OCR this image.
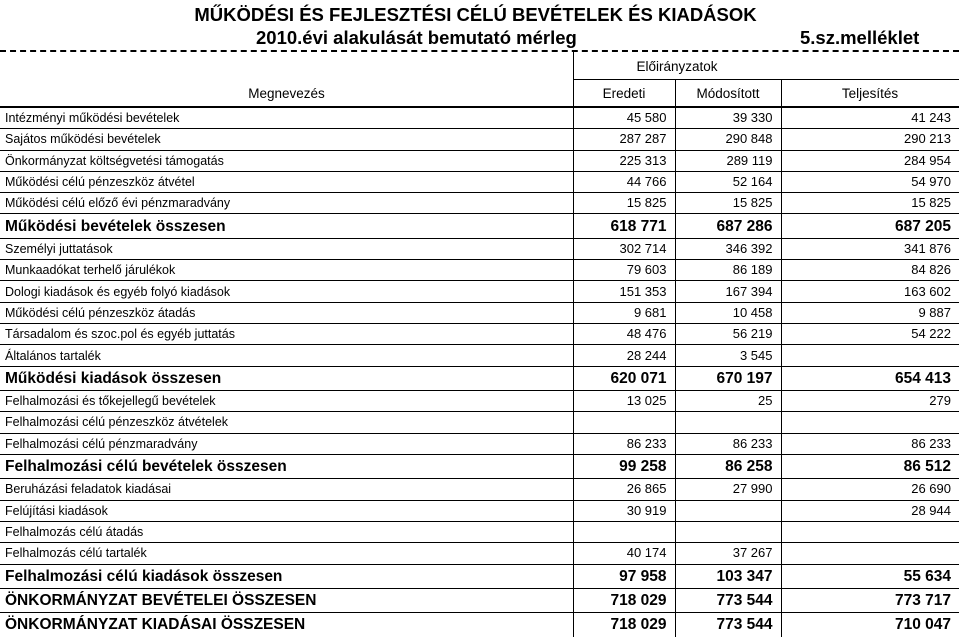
MŰKÖDÉSI ÉS FEJLESZTÉSI CÉLÚ BEVÉTELEK ÉS KIADÁSOK
2010.évi alakulását bemutató mérleg	5.sz.melléklet
Előirányzatok
Megnevezés	Eredeti	Módosított	Teljesítés
Intézményi működési bevételek	45 580	39 330	41 243
Sajátos működési bevételek	287 287	290 848	290 213
Önkormányzat költségvetési támogatás	225 313	289 119	284 954
Működési célú pénzeszköz átvétel	44 766	52 164	54 970
Működési célú előző évi pénzmaradvány	15 825	15 825	15 825
Működési bevételek összesen	618 771	687 286	687 205
Személyi juttatások	302 714	346 392	341 876
Munkaadókat terhelő járulékok	79 603	86 189	84 826
Dologi kiadások és egyéb folyó kiadások	151 353	167 394	163 602
Működési célú pénzeszköz átadás	9 681	10 458	9 887
Társadalom és szoc.pol és egyéb juttatás	48 476	56 219	54 222
Általános tartalék	28 244	3 545	
Működési kiadások összesen	620 071	670 197	654 413
Felhalmozási és tőkejellegű bevételek	13 025	25	279
Felhalmozási célú pénzeszköz átvételek			
Felhalmozási célú pénzmaradvány	86 233	86 233	86 233
Felhalmozási célú bevételek összesen	99 258	86 258	86 512
Beruházási feladatok kiadásai	26 865	27 990	26 690
Felújítási kiadások	30 919		28 944
Felhalmozás célú átadás			
Felhalmozás célú tartalék	40 174	37 267	
Felhalmozási célú kiadások összesen	97 958	103 347	55 634
ÖNKORMÁNYZAT BEVÉTELEI ÖSSZESEN	718 029	773 544	773 717
ÖNKORMÁNYZAT KIADÁSAI ÖSSZESEN	718 029	773 544	710 047
